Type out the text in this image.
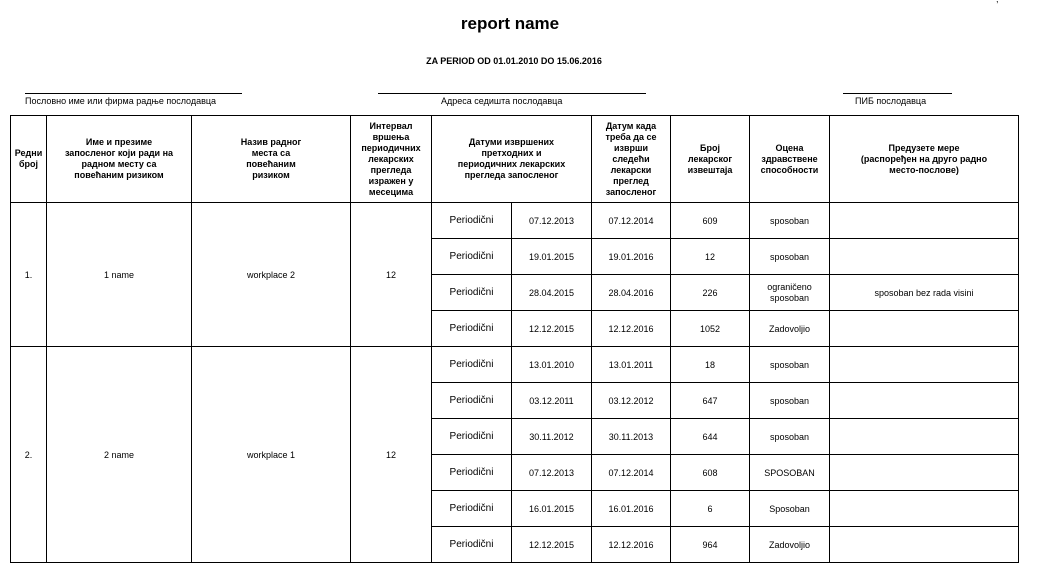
report name
ZA PERIOD OD 01.01.2010 DO 15.06.2016
Пословно име или фирма радње послодавца	Адреса седишта послодавца	ПИБ послодавца
Редни број	Име и презиме запосленог који ради на радном месту са повећаним ризиком	Назив радног места са повећаним ризиком	Интервал вршења периодичних лекарских прегледа изражен у месецима	Датуми извршених претходних и периодичних лекарских прегледа запосленог		Датум када треба да се изврши следећи лекарски преглед запосленог	Број лекарског извештаја	Оцена здравствене способности	Предузете мере (распоређен на друго радно место-послове)
1.	1 name	workplace 2	12	Periodični	07.12.2013	07.12.2014	609	sposoban	
				Periodični	19.01.2015	19.01.2016	12	sposoban	
				Periodični	28.04.2015	28.04.2016	226	ograničeno sposoban	sposoban bez rada visini
				Periodični	12.12.2015	12.12.2016	1052	Zadovoljio	
2.	2 name	workplace 1	12	Periodični	13.01.2010	13.01.2011	18	sposoban	
				Periodični	03.12.2011	03.12.2012	647	sposoban	
				Periodični	30.11.2012	30.11.2013	644	sposoban	
				Periodični	07.12.2013	07.12.2014	608	SPOSOBAN	
				Periodični	16.01.2015	16.01.2016	6	Sposoban	
				Periodični	12.12.2015	12.12.2016	964	Zadovoljio	
